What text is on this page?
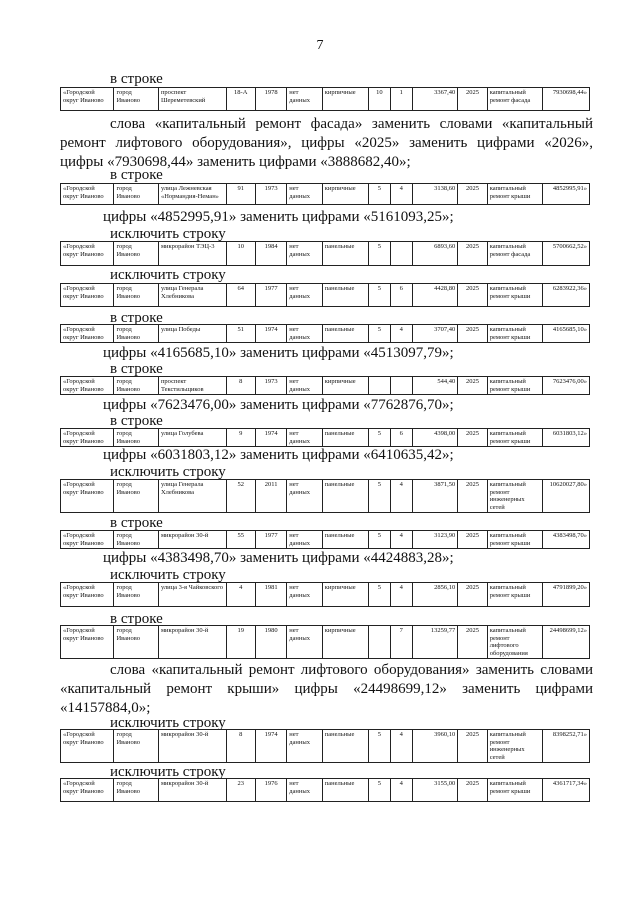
7
в строке
«Городской округ Иваново	город Иваново	проспект Шереметевский	18-А	1978	нет данных	кирпичные	10	1	3367,40	2025	капитальный ремонт фасада	7930698,44»
слова «капитальный ремонт фасада» заменить словами «капитальный
ремонт лифтового оборудования», цифры «2025» заменить цифрами «2026»,
цифры «7930698,44» заменить цифрами «3888682,40»;
в строке
«Городской округ Иваново	город Иваново	улица Лежневская «Нормандия-Неман»	91	1973	нет данных	кирпичные	5	4	3138,60	2025	капитальный ремонт крыши	4852995,91»
цифры «4852995,91» заменить цифрами «5161093,25»;
исключить строку
«Городской округ Иваново	город Иваново	микрорайон ТЭЦ-3	10	1984	нет данных	панельные	5		6893,60	2025	капитальный ремонт фасада	5700662,52»
исключить строку
«Городской округ Иваново	город Иваново	улица Генерала Хлебникова	64	1977	нет данных	панельные	5	6	4428,80	2025	капитальный ремонт крыши	6283922,36»
в строке
«Городской округ Иваново	город Иваново	улица Победы	51	1974	нет данных	панельные	5	4	3707,40	2025	капитальный ремонт крыши	4165685,10»
цифры «4165685,10» заменить цифрами «4513097,79»;
в строке
«Городской округ Иваново	город Иваново	проспект Текстильщиков	8	1973	нет данных	кирпичные			544,40	2025	капитальный ремонт крыши	7623476,00»
цифры «7623476,00» заменить цифрами «7762876,70»;
в строке
«Городской округ Иваново	город Иваново	улица Голубева	9	1974	нет данных	панельные	5	6	4398,00	2025	капитальный ремонт крыши	6031803,12»
цифры «6031803,12» заменить цифрами «6410635,42»;
исключить строку
«Городской округ Иваново	город Иваново	улица Генерала Хлебникова	52	2011	нет данных	панельные	5	4	3871,50	2025	капитальный ремонт инженерных сетей	10620027,80»
в строке
«Городской округ Иваново	город Иваново	микрорайон 30-й	55	1977	нет данных	панельные	5	4	3123,90	2025	капитальный ремонт крыши	4383498,70»
цифры «4383498,70» заменить цифрами «4424883,28»;
исключить строку
«Городской округ Иваново	город Иваново	улица 3-я Чайковского	4	1981	нет данных	кирпичные	5	4	2856,10	2025	капитальный ремонт крыши	4791899,20»
в строке
«Городской округ Иваново	город Иваново	микрорайон 30-й	19	1980	нет данных	кирпичные		7	13259,77	2025	капитальный ремонт лифтового оборудования	24498699,12»
слова «капитальный ремонт лифтового оборудования» заменить словами
«капитальный ремонт крыши» цифры «24498699,12» заменить цифрами
«14157884,0»;
исключить строку
«Городской округ Иваново	город Иваново	микрорайон 30-й	8	1974	нет данных	панельные	5	4	3960,10	2025	капитальный ремонт инженерных сетей	8398252,71»
исключить строку
«Городской округ Иваново	город Иваново	микрорайон 30-й	23	1976	нет данных	панельные	5	4	3155,00	2025	капитальный ремонт крыши	4361717,34»
